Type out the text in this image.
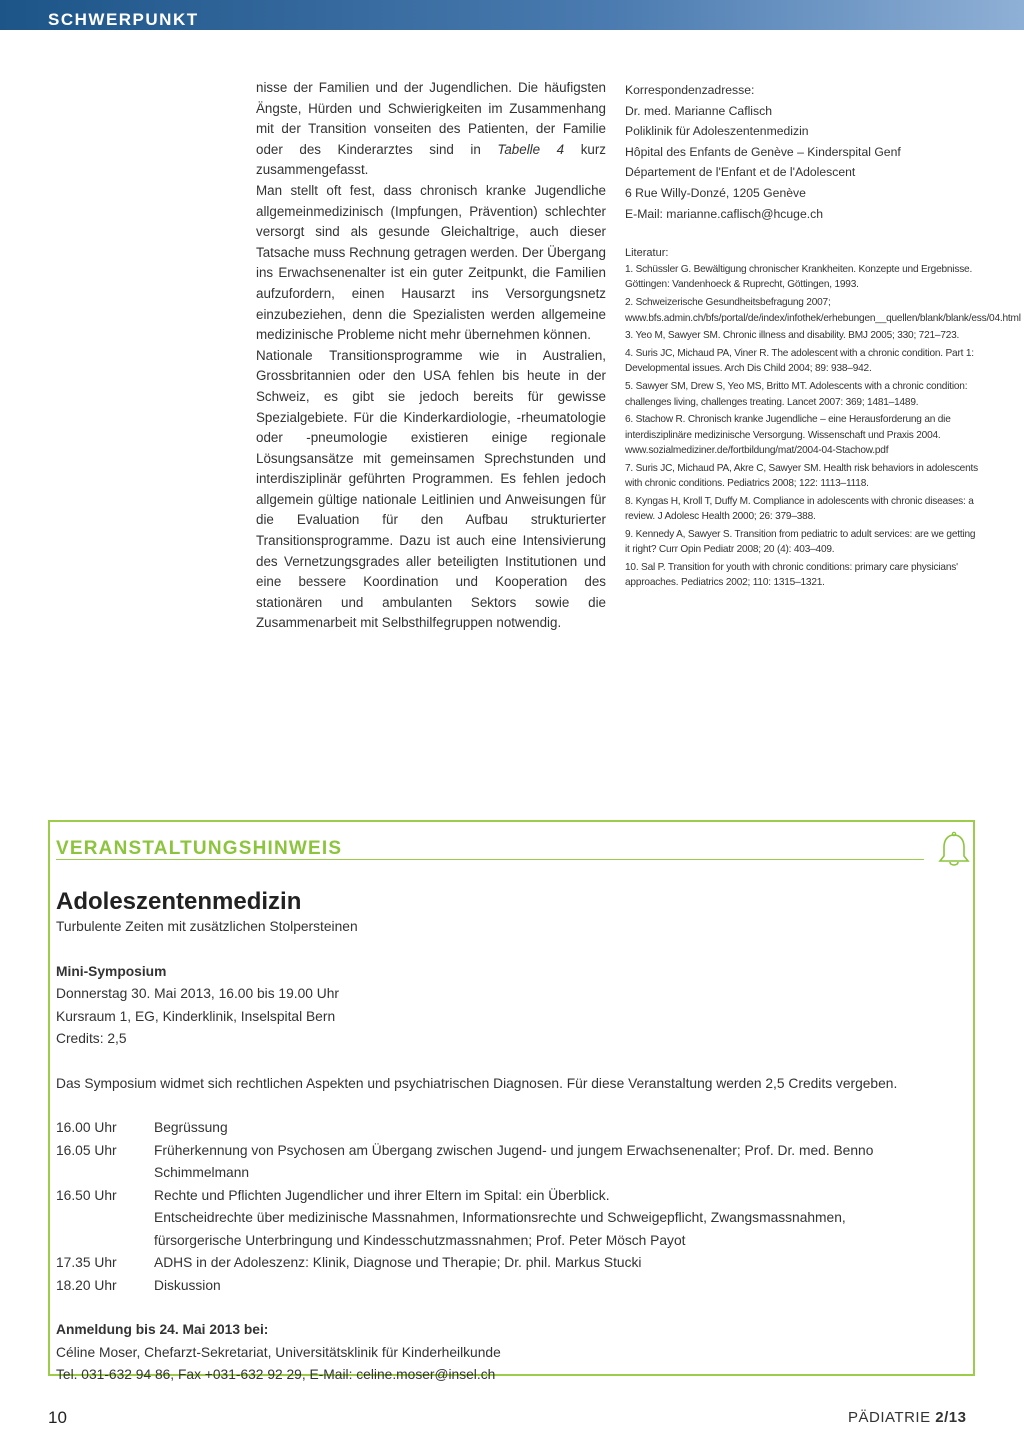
SCHWERPUNKT

nisse der Familien und der Jugendlichen. Die häufigsten Ängste, Hürden und Schwierigkeiten im Zusammenhang mit der Transition vonseiten des Patienten, der Familie oder des Kinderarztes sind in Tabelle 4 kurz zusammengefasst.

Man stellt oft fest, dass chronisch kranke Jugendliche allgemeinmedizinisch (Impfungen, Prävention) schlechter versorgt sind als gesunde Gleichaltrige, auch dieser Tatsache muss Rechnung getragen werden. Der Übergang ins Erwachsenenalter ist ein guter Zeitpunkt, die Familien aufzufordern, einen Hausarzt ins Versorgungsnetz einzubeziehen, denn die Spezialisten werden allgemeine medizinische Probleme nicht mehr übernehmen können.

Nationale Transitionsprogramme wie in Australien, Grossbritannien oder den USA fehlen bis heute in der Schweiz, es gibt sie jedoch bereits für gewisse Spezialgebiete. Für die Kinderkardiologie, -rheumatologie oder -pneumologie existieren einige regionale Lösungsansätze mit gemeinsamen Sprechstunden und interdisziplinär geführten Programmen. Es fehlen jedoch allgemein gültige nationale Leitlinien und Anweisungen für die Evaluation für den Aufbau strukturierter Transitionsprogramme. Dazu ist auch eine Intensivierung des Vernetzungsgrades aller beteiligten Institutionen und eine bessere Koordination und Kooperation des stationären und ambulanten Sektors sowie die Zusammenarbeit mit Selbsthilfegruppen notwendig.

Korrespondenzadresse:
Dr. med. Marianne Caflisch
Poliklinik für Adoleszentenmedizin
Hôpital des Enfants de Genève – Kinderspital Genf
Département de l'Enfant et de l'Adolescent
6 Rue Willy-Donzé, 1205 Genève
E-Mail: marianne.caflisch@hcuge.ch
Literatur:
1. Schüssler G. Bewältigung chronischer Krankheiten. Konzepte und Ergebnisse. Göttingen: Vandenhoeck & Ruprecht, Göttingen, 1993.
2. Schweizerische Gesundheitsbefragung 2007; www.bfs.admin.ch/bfs/portal/de/index/infothek/erhebungen__quellen/blank/blank/ess/04.html
3. Yeo M, Sawyer SM. Chronic illness and disability. BMJ 2005; 330; 721–723.
4. Suris JC, Michaud PA, Viner R. The adolescent with a chronic condition. Part 1: Developmental issues. Arch Dis Child 2004; 89: 938–942.
5. Sawyer SM, Drew S, Yeo MS, Britto MT. Adolescents with a chronic condition: challenges living, challenges treating. Lancet 2007: 369; 1481–1489.
6. Stachow R. Chronisch kranke Jugendliche – eine Herausforderung an die interdisziplinäre medizinische Versorgung. Wissenschaft und Praxis 2004. www.sozialmediziner.de/fortbildung/mat/2004-04-Stachow.pdf
7. Suris JC, Michaud PA, Akre C, Sawyer SM. Health risk behaviors in adolescents with chronic conditions. Pediatrics 2008; 122: 1113–1118.
8. Kyngas H, Kroll T, Duffy M. Compliance in adolescents with chronic diseases: a review. J Adolesc Health 2000; 26: 379–388.
9. Kennedy A, Sawyer S. Transition from pediatric to adult services: are we getting it right? Curr Opin Pediatr 2008; 20 (4): 403–409.
10. Sal P. Transition for youth with chronic conditions: primary care physicians' approaches. Pediatrics 2002; 110: 1315–1321.
VERANSTALTUNGSHINWEIS
Adoleszentenmedizin
Turbulente Zeiten mit zusätzlichen Stolpersteinen
Mini-Symposium
Donnerstag 30. Mai 2013, 16.00 bis 19.00 Uhr
Kursraum 1, EG, Kinderklinik, Inselspital Bern
Credits: 2,5
Das Symposium widmet sich rechtlichen Aspekten und psychiatrischen Diagnosen. Für diese Veranstaltung werden 2,5 Credits vergeben.
16.00 Uhr	Begrüssung
16.05 Uhr	Früherkennung von Psychosen am Übergang zwischen Jugend- und jungem Erwachsenenalter; Prof. Dr. med. Benno Schimmelmann
16.50 Uhr	Rechte und Pflichten Jugendlicher und ihrer Eltern im Spital: ein Überblick.
Entscheidrechte über medizinische Massnahmen, Informationsrechte und Schweigepflicht, Zwangsmassnahmen,
fürsorgerische Unterbringung und Kindesschutzmassnahmen; Prof. Peter Mösch Payot
17.35 Uhr	ADHS in der Adoleszenz: Klinik, Diagnose und Therapie; Dr. phil. Markus Stucki
18.20 Uhr	Diskussion
Anmeldung bis 24. Mai 2013 bei:
Céline Moser, Chefarzt-Sekretariat, Universitätsklinik für Kinderheilkunde
Tel. 031-632 94 86, Fax +031-632 92 29, E-Mail: celine.moser@insel.ch
10	PÄDIATRIE 2/13
